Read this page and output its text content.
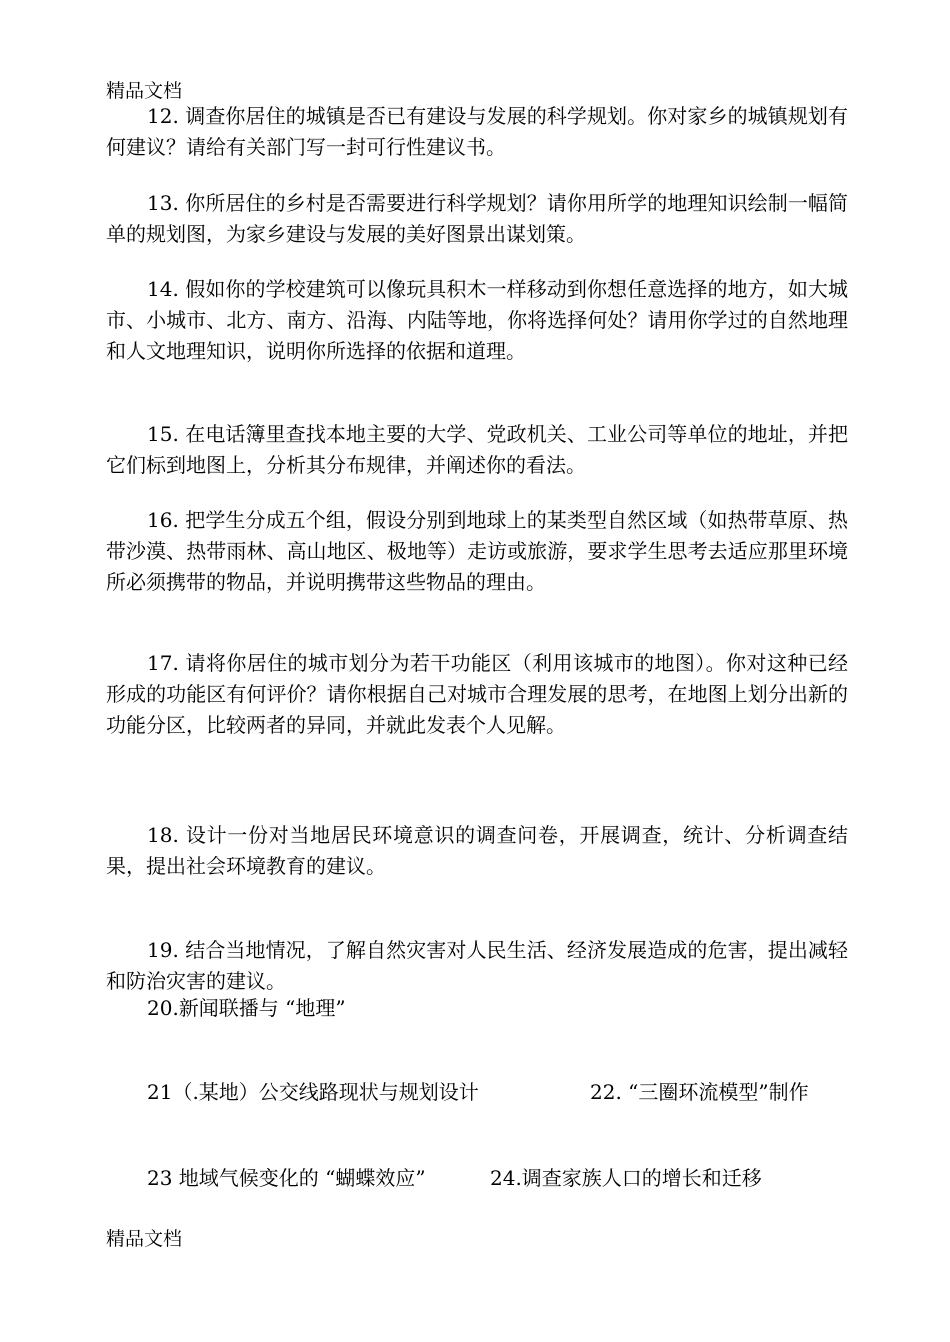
精品文档
12. 调查你居住的城镇是否已有建设与发展的科学规划。你对家乡的城镇规划有何建议？请给有关部门写一封可行性建议书。
13. 你所居住的乡村是否需要进行科学规划？请你用所学的地理知识绘制一幅简单的规划图，为家乡建设与发展的美好图景出谋划策。
14. 假如你的学校建筑可以像玩具积木一样移动到你想任意选择的地方，如大城市、小城市、北方、南方、沿海、内陆等地，你将选择何处？请用你学过的自然地理和人文地理知识，说明你所选择的依据和道理。
15. 在电话簿里查找本地主要的大学、党政机关、工业公司等单位的地址，并把它们标到地图上，分析其分布规律，并阐述你的看法。
16. 把学生分成五个组，假设分别到地球上的某类型自然区域（如热带草原、热带沙漠、热带雨林、高山地区、极地等）走访或旅游，要求学生思考去适应那里环境所必须携带的物品，并说明携带这些物品的理由。
17. 请将你居住的城市划分为若干功能区（利用该城市的地图）。你对这种已经形成的功能区有何评价？请你根据自己对城市合理发展的思考，在地图上划分出新的功能分区，比较两者的异同，并就此发表个人见解。
18. 设计一份对当地居民环境意识的调查问卷，开展调查，统计、分析调查结果，提出社会环境教育的建议。
19. 结合当地情况，了解自然灾害对人民生活、经济发展造成的危害，提出减轻和防治灾害的建议。
20.新闻联播与 “地理”
21（.某地）公交线路现状与规划设计	22. “三圈环流模型”制作
23 地域气候变化的 “蝴蝶效应”	24.调查家族人口的增长和迁移
精品文档
